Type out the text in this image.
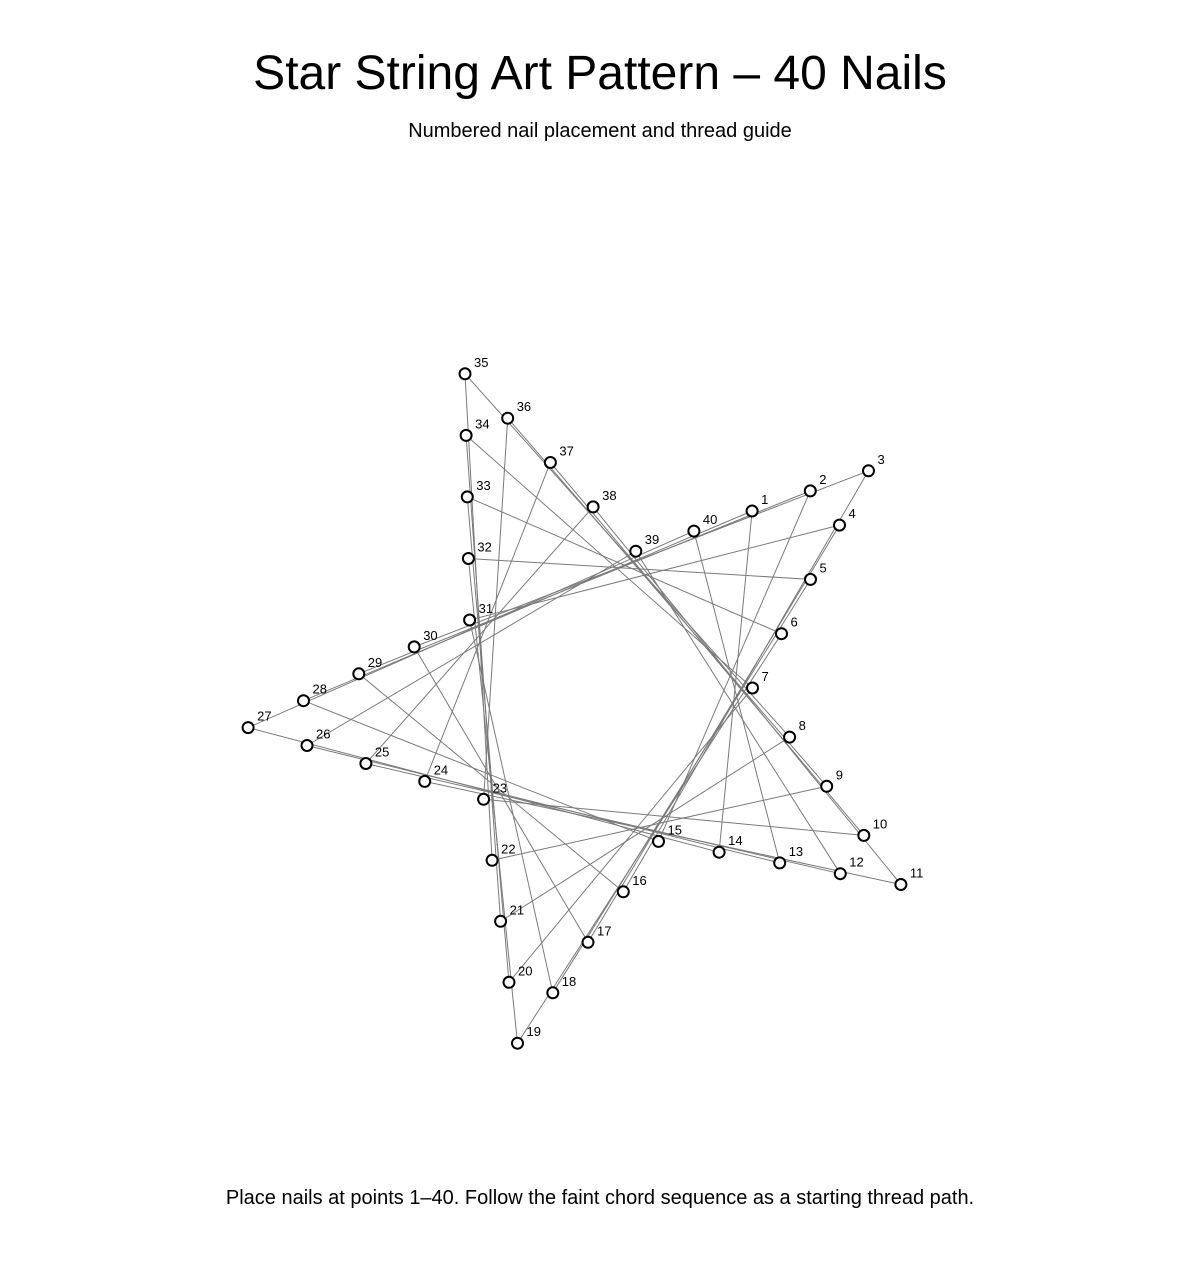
Star String Art Pattern – 40 Nails
Numbered nail placement and thread guide
1
2
3
4
5
6
7
8
9
10
11
12
13
14
15
16
17
18
19
20
21
22
23
24
25
26
27
28
29
30
31
32
33
34
35
36
37
38
39
40
Place nails at points 1–40. Follow the faint chord sequence as a starting thread path.
